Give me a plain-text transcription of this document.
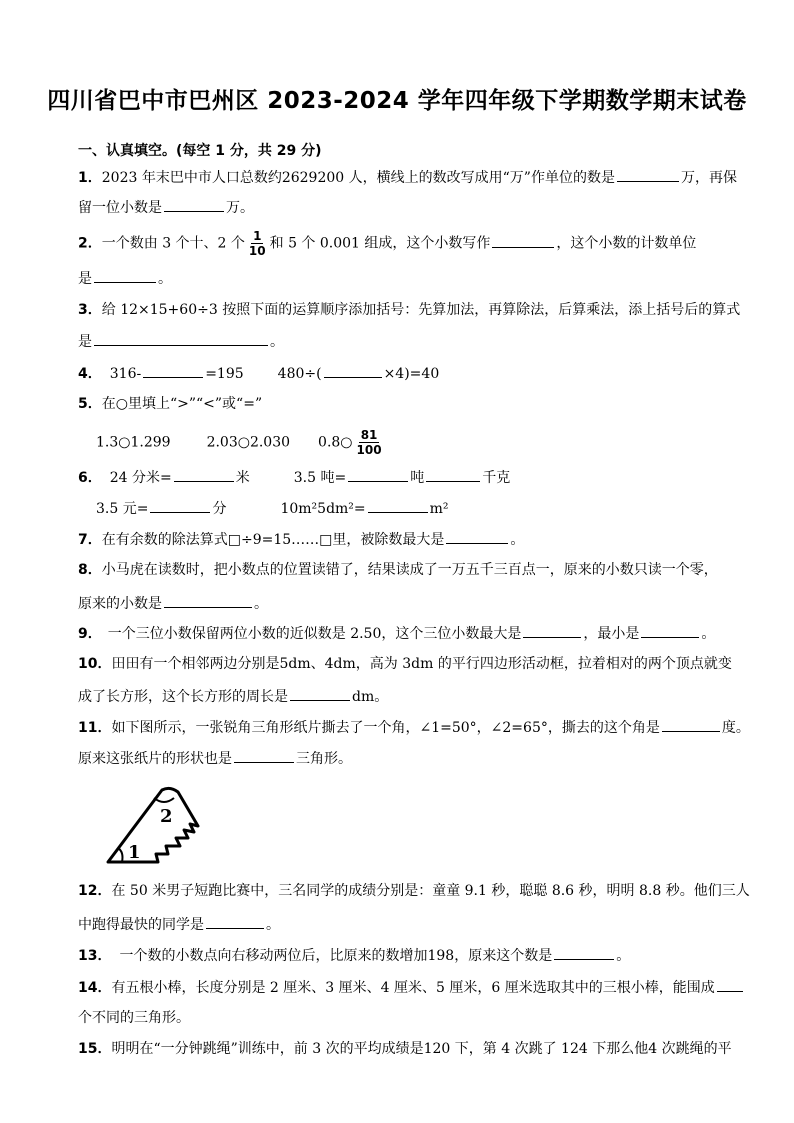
四川省巴中市巴州区 2023-2024 学年四年级下学期数学期末试卷
一、认真填空。(每空 1 分，共 29 分)
1．2023 年末巴中市人口总数约2629200 人，横线上的数改写成用“万”作单位的数是	万，再保
留一位小数是	万。
2．一个数由 3 个十、2 个 $\frac{1}{10}$ 和 5 个 0.001 组成，这个小数写作	，这个小数的计数单位
是	。
3．给 12×15+60÷3 按照下面的运算顺序添加括号：先算加法，再算除法，后算乘法，添上括号后的算式
是	。
4． 316-	=195 480÷(	×4)=40
5．在○里填上“>”“<”或“=”
1.3○1.299	2.03○2.030 0.8○ $\frac{81}{100}$
6． 24 分米=	米	3.5 吨=	吨	千克
3.5 元=	分	10m²5dm²=	m²
7．在有余数的除法算式□÷9=15……□里，被除数最大是	。
8．小马虎在读数时，把小数点的位置读错了，结果读成了一万五千三百点一，原来的小数只读一个零，
原来的小数是	。
9． 一个三位小数保留两位小数的近似数是 2.50，这个三位小数最大是	，最小是	。
10．田田有一个相邻两边分别是5dm、4dm，高为 3dm 的平行四边形活动框，拉着相对的两个顶点就变
成了长方形，这个长方形的周长是	dm。
11．如下图所示，一张锐角三角形纸片撕去了一个角，∠1=50°，∠2=65°，撕去的这个角是	度。
原来这张纸片的形状也是	三角形。
1
2
12．在 50 米男子短跑比赛中，三名同学的成绩分别是：童童 9.1 秒，聪聪 8.6 秒，明明 8.8 秒。他们三人
中跑得最快的同学是	。
13． 一个数的小数点向右移动两位后，比原来的数增加198，原来这个数是	。
14．有五根小棒，长度分别是 2 厘米、3 厘米、4 厘米、5 厘米，6 厘米选取其中的三根小棒，能围成
个不同的三角形。
15．明明在“一分钟跳绳”训练中，前 3 次的平均成绩是120 下，第 4 次跳了 124 下那么他4 次跳绳的平
